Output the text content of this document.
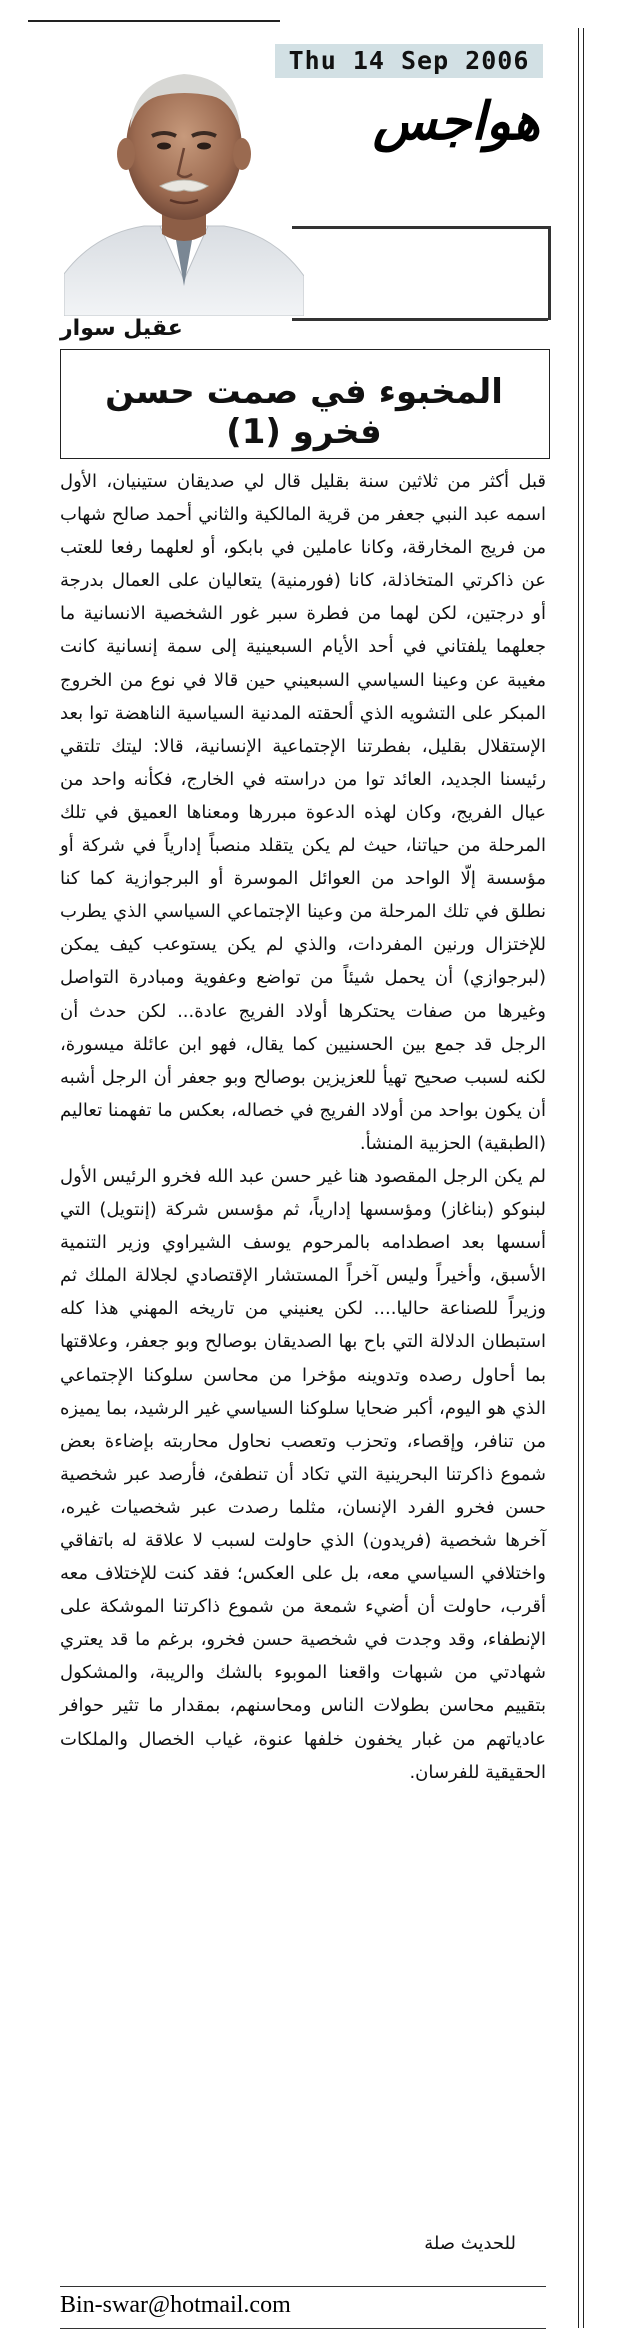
Thu 14 Sep 2006
هواجس
عقيل سوار
المخبوء في صمت حسن فخرو (1)

قبل أكثر من ثلاثين سنة بقليل قال لي صديقان ستينيان، الأول اسمه عبد النبي جعفر من قرية المالكية والثاني أحمد صالح شهاب من فريج المخارقة، وكانا عاملين في بابكو، أو لعلهما رفعا للعتب عن ذاكرتي المتخاذلة، كانا (فورمنية) يتعاليان على العمال بدرجة أو درجتين، لكن لهما من فطرة سبر غور الشخصية الانسانية ما جعلهما يلفتاني في أحد الأيام السبعينية إلى سمة إنسانية كانت مغيبة عن وعينا السياسي السبعيني حين قالا في نوع من الخروج المبكر على التشويه الذي ألحقته المدنية السياسية الناهضة توا بعد الإستقلال بقليل، بفطرتنا الإجتماعية الإنسانية، قالا: ليتك تلتقي رئيسنا الجديد، العائد توا من دراسته في الخارج، فكأنه واحد من عيال الفريج، وكان لهذه الدعوة مبررها ومعناها العميق في تلك المرحلة من حياتنا، حيث لم يكن يتقلد منصباً إدارياً في شركة أو مؤسسة إلّا الواحد من العوائل الموسرة أو البرجوازية كما كنا نطلق في تلك المرحلة من وعينا الإجتماعي السياسي الذي يطرب للإختزال ورنين المفردات، والذي لم يكن يستوعب كيف يمكن (لبرجوازي) أن يحمل شيئاً من تواضع وعفوية ومبادرة التواصل وغيرها من صفات يحتكرها أولاد الفريج عادة... لكن حدث أن الرجل قد جمع بين الحسنيين كما يقال، فهو ابن عائلة ميسورة، لكنه لسبب صحيح تهيأ للعزيزين بوصالح وبو جعفر أن الرجل أشبه أن يكون بواحد من أولاد الفريج في خصاله، بعكس ما تفهمنا تعاليم (الطبقية) الحزبية المنشأ.

لم يكن الرجل المقصود هنا غير حسن عبد الله فخرو الرئيس الأول لبنوكو (بناغاز) ومؤسسها إدارياً، ثم مؤسس شركة (إنتويل) التي أسسها بعد اصطدامه بالمرحوم يوسف الشيراوي وزير التنمية الأسبق، وأخيراً وليس آخراً المستشار الإقتصادي لجلالة الملك ثم وزيراً للصناعة حاليا.... لكن يعنيني من تاريخه المهني هذا كله استبطان الدلالة التي باح بها الصديقان بوصالح وبو جعفر، وعلاقتها بما أحاول رصده وتدوينه مؤخرا من محاسن سلوكنا الإجتماعي الذي هو اليوم، أكبر ضحايا سلوكنا السياسي غير الرشيد، بما يميزه من تنافر، وإقصاء، وتحزب وتعصب نحاول محاربته بإضاءة بعض شموع ذاكرتنا البحرينية التي تكاد أن تنطفئ، فأرصد عبر شخصية حسن فخرو الفرد الإنسان، مثلما رصدت عبر شخصيات غيره، آخرها شخصية (فريدون) الذي حاولت لسبب لا علاقة له باتفاقي واختلافي السياسي معه، بل على العكس؛ فقد كنت للإختلاف معه أقرب، حاولت أن أضيء شمعة من شموع ذاكرتنا الموشكة على الإنطفاء، وقد وجدت في شخصية حسن فخرو، برغم ما قد يعتري شهادتي من شبهات واقعنا الموبوء بالشك والريبة، والمشكول بتقييم محاسن بطولات الناس ومحاسنهم، بمقدار ما تثير حوافر عادياتهم من غبار يخفون خلفها عنوة، غياب الخصال والملكات الحقيقية للفرسان.

للحديث صلة
Bin-swar@hotmail.com
